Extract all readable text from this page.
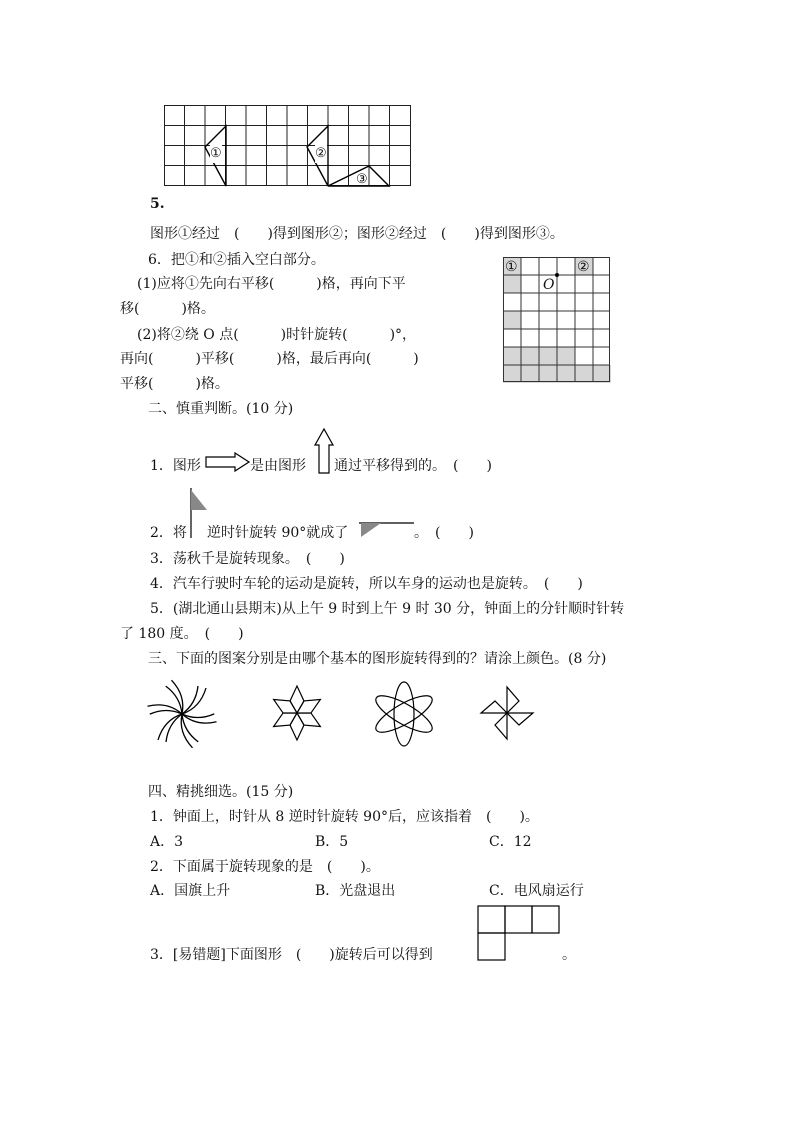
①	②
③
5.
图形①经过　(　　)得到图形②；图形②经过　(　　)得到图形③。
6．把①和②插入空白部分。
(1)应将①先向右平移(　　　)格，再向下平
移(　　　)格。
(2)将②绕 O 点(　　　)时针旋转(　　　)°，
再向(　　　)平移(　　　)格，最后再向(　　　)
平移(　　　)格。
①	②
O
二、慎重判断。(10 分)
1．图形	是由图形 通过平移得到的。　(　　)
2．将 逆时针旋转 90°就成了	。　(　　)
3．荡秋千是旋转现象。　(　　)
4．汽车行驶时车轮的运动是旋转，所以车身的运动也是旋转。　(　　)
5．(湖北通山县期末)从上午 9 时到上午 9 时 30 分，钟面上的分针顺时针转
了 180 度。　(　　)
三、下面的图案分别是由哪个基本的图形旋转得到的？请涂上颜色。(8 分)
四、精挑细选。(15 分)
1．钟面上，时针从 8 逆时针旋转 90°后，应该指着　(　　)。
A．3	B．5	C．12
2．下面属于旋转现象的是　(　　)。
A．国旗上升	B．光盘退出	C．电风扇运行
3．[易错题]下面图形　(　　)旋转后可以得到	。
